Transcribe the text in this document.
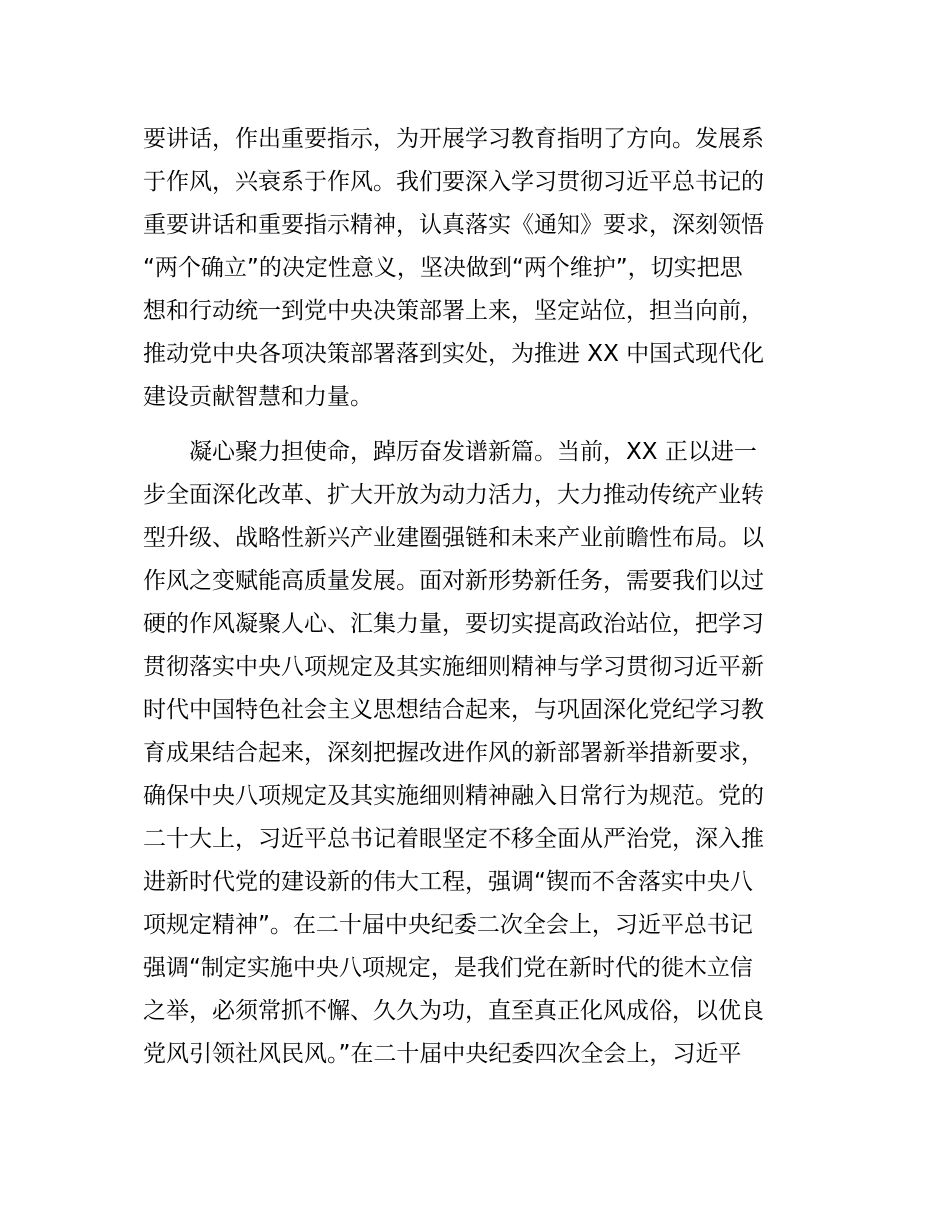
要讲话，作出重要指示，为开展学习教育指明了方向。发展系
于作风，兴衰系于作风。我们要深入学习贯彻习近平总书记的
重要讲话和重要指示精神，认真落实《通知》要求，深刻领悟
“两个确立”的决定性意义，坚决做到“两个维护”，切实把思
想和行动统一到党中央决策部署上来，坚定站位，担当向前，
推动党中央各项决策部署落到实处，为推进 XX 中国式现代化
建设贡献智慧和力量。
　　凝心聚力担使命，踔厉奋发谱新篇。当前，XX 正以进一
步全面深化改革、扩大开放为动力活力，大力推动传统产业转
型升级、战略性新兴产业建圈强链和未来产业前瞻性布局。以
作风之变赋能高质量发展。面对新形势新任务，需要我们以过
硬的作风凝聚人心、汇集力量，要切实提高政治站位，把学习
贯彻落实中央八项规定及其实施细则精神与学习贯彻习近平新
时代中国特色社会主义思想结合起来，与巩固深化党纪学习教
育成果结合起来，深刻把握改进作风的新部署新举措新要求，
确保中央八项规定及其实施细则精神融入日常行为规范。党的
二十大上，习近平总书记着眼坚定不移全面从严治党，深入推
进新时代党的建设新的伟大工程，强调“锲而不舍落实中央八
项规定精神”。在二十届中央纪委二次全会上，习近平总书记
强调“制定实施中央八项规定，是我们党在新时代的徙木立信
之举，必须常抓不懈、久久为功，直至真正化风成俗，以优良
党风引领社风民风。”在二十届中央纪委四次全会上，习近平
